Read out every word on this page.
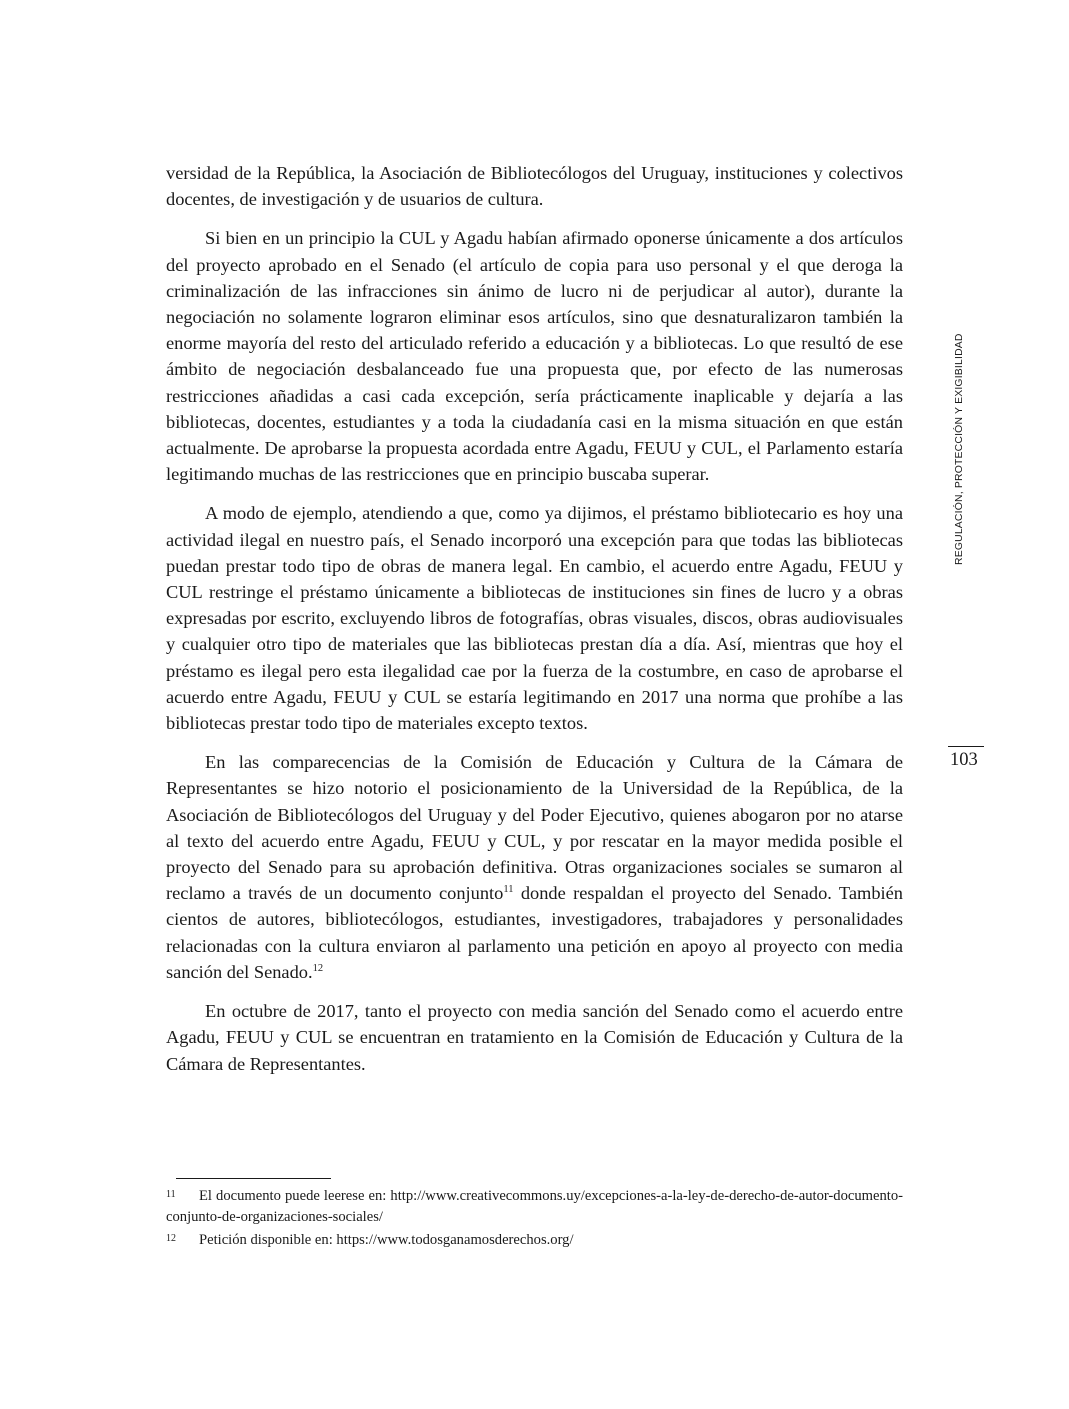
versidad de la República, la Asociación de Bibliotecólogos del Uruguay, instituciones y colectivos docentes, de investigación y de usuarios de cultura.

Si bien en un principio la CUL y Agadu habían afirmado oponerse únicamente a dos artículos del proyecto aprobado en el Senado (el artículo de copia para uso personal y el que deroga la criminalización de las infracciones sin ánimo de lucro ni de perjudicar al autor), durante la negociación no solamente lograron eliminar esos artículos, sino que desnaturalizaron también la enorme mayoría del resto del articulado referido a educación y a bibliotecas. Lo que resultó de ese ámbito de negociación desbalanceado fue una propuesta que, por efecto de las numerosas restricciones añadidas a casi cada excepción, sería prácticamente inaplicable y dejaría a las bibliotecas, docentes, estudiantes y a toda la ciudadanía casi en la misma situación en que están actualmente. De aprobarse la propuesta acordada entre Agadu, FEUU y CUL, el Parlamento estaría legitimando muchas de las restricciones que en principio buscaba superar.

A modo de ejemplo, atendiendo a que, como ya dijimos, el préstamo bibliotecario es hoy una actividad ilegal en nuestro país, el Senado incorporó una excepción para que todas las bibliotecas puedan prestar todo tipo de obras de manera legal. En cambio, el acuerdo entre Agadu, FEUU y CUL restringe el préstamo únicamente a bibliotecas de instituciones sin fines de lucro y a obras expresadas por escrito, excluyendo libros de fotografías, obras visuales, discos, obras audiovisuales y cualquier otro tipo de materiales que las bibliotecas prestan día a día. Así, mientras que hoy el préstamo es ilegal pero esta ilegalidad cae por la fuerza de la costumbre, en caso de aprobarse el acuerdo entre Agadu, FEUU y CUL se estaría legitimando en 2017 una norma que prohíbe a las bibliotecas prestar todo tipo de materiales excepto textos.

En las comparecencias de la Comisión de Educación y Cultura de la Cámara de Representantes se hizo notorio el posicionamiento de la Universidad de la República, de la Asociación de Bibliotecólogos del Uruguay y del Poder Ejecutivo, quienes abogaron por no atarse al texto del acuerdo entre Agadu, FEUU y CUL, y por rescatar en la mayor medida posible el proyecto del Senado para su aprobación definitiva. Otras organizaciones sociales se sumaron al reclamo a través de un documento conjunto$^{11}$ donde respaldan el proyecto del Senado. También cientos de autores, bibliotecólogos, estudiantes, investigadores, trabajadores y personalidades relacionadas con la cultura enviaron al parlamento una petición en apoyo al proyecto con media sanción del Senado.$^{12}$

En octubre de 2017, tanto el proyecto con media sanción del Senado como el acuerdo entre Agadu, FEUU y CUL se encuentran en tratamiento en la Comisión de Educación y Cultura de la Cámara de Representantes.

11 El documento puede leerese en: http://www.creativecommons.uy/excepciones-a-la-ley-de-derecho-de-autor-documento-conjunto-de-organizaciones-sociales/

12 Petición disponible en: https://www.todosganamosderechos.org/

REGULACIÓN, PROTECCIÓN Y EXIGIBILIDAD
103
